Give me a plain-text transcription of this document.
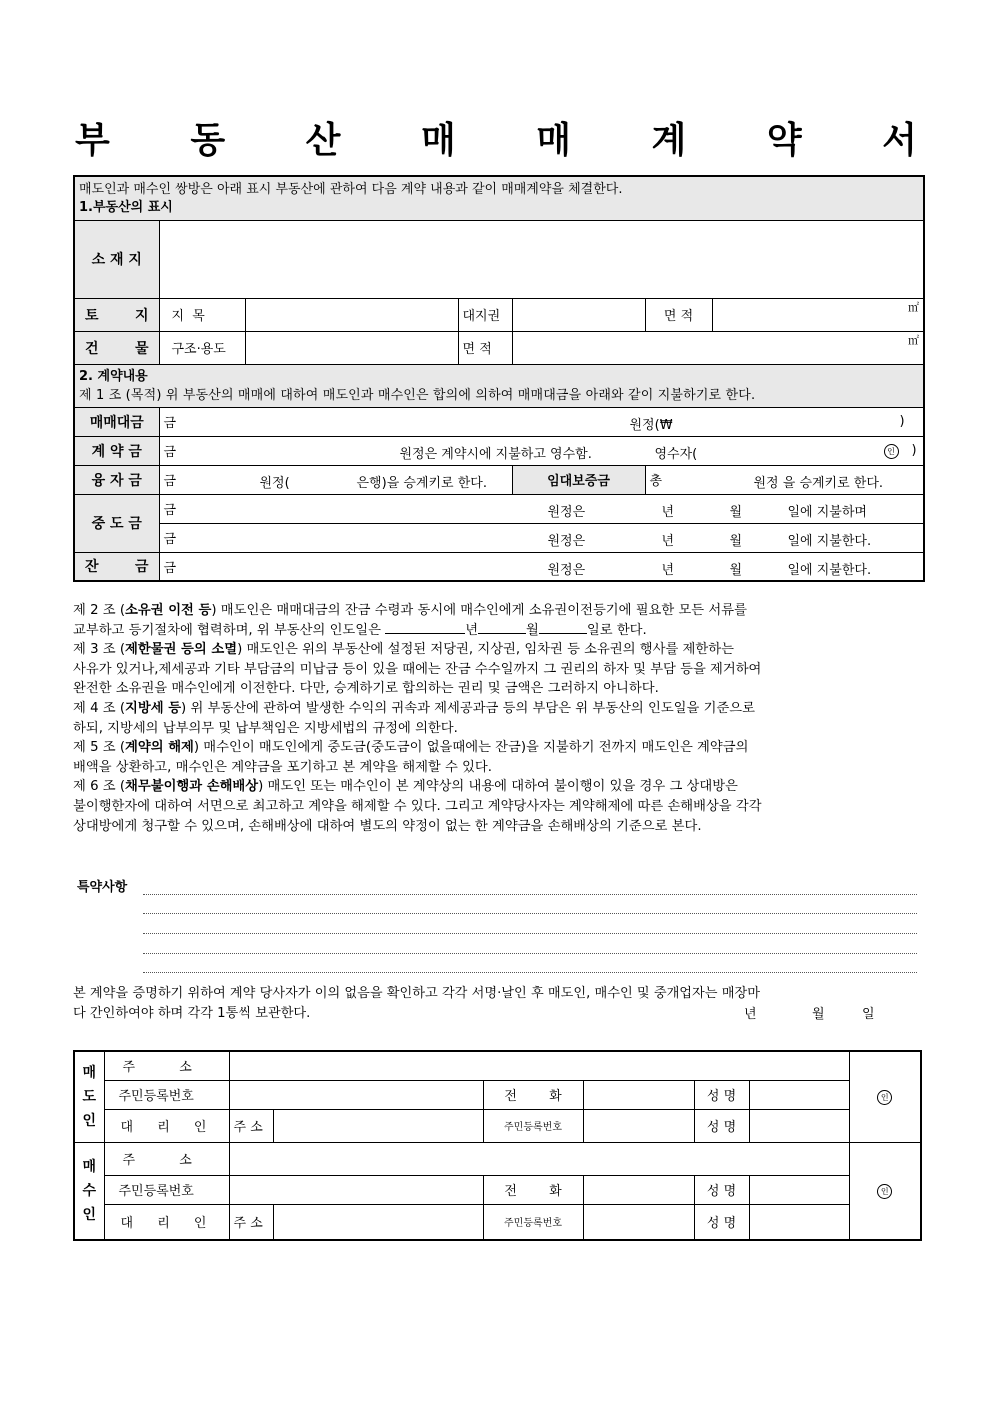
부 동 산 매 매 계 약 서
매도인과 매수인 쌍방은 아래 표시 부동산에 관하여 다음 계약 내용과 같이 매매계약을 체결한다.
1.부동산의 표시						

소 재 지						
토 지	지 목		대지권		면 적	㎡
건 물	구조·용도		면 적	㎡		

2. 계약내용
제 1 조 (목적) 위 부동산의 매매에 대하여 매도인과 매수인은 합의에 의하여 매매대금을 아래와 같이 지불하기로 한다.						

매매대금	금 원정(₩ )					

계 약 금	금 원정은 계약시에 지불하고 영수함. 영수자( 인 )					

융 자 금	금 원정( 은행)을 승계키로 한다.			임대보증금	총 원정 을 승계키로 한다.	

중 도 금	금 원정은 년 월 일에 지불하며					

	금 원정은 년 월 일에 지불한다.					

잔 금	금 원정은 년 월 일에 지불한다.					

제 2 조 (소유권 이전 등) 매도인은 매매대금의 잔금 수령과 동시에 매수인에게 소유권이전등기에 필요한 모든 서류를

교부하고 등기절차에 협력하며, 위 부동산의 인도일은	년	월	일로 한다.

제 3 조 (제한물권 등의 소멸) 매도인은 위의 부동산에 설정된 저당권, 지상권, 임차권 등 소유권의 행사를 제한하는

사유가 있거나,제세공과 기타 부담금의 미납금 등이 있을 때에는 잔금 수수일까지 그 권리의 하자 및 부담 등을 제거하여

완전한 소유권을 매수인에게 이전한다. 다만, 승계하기로 합의하는 권리 및 금액은 그러하지 아니하다.

제 4 조 (지방세 등) 위 부동산에 관하여 발생한 수익의 귀속과 제세공과금 등의 부담은 위 부동산의 인도일을 기준으로

하되, 지방세의 납부의무 및 납부책임은 지방세법의 규정에 의한다.

제 5 조 (계약의 해제) 매수인이 매도인에게 중도금(중도금이 없을때에는 잔금)을 지불하기 전까지 매도인은 계약금의

배액을 상환하고, 매수인은 계약금을 포기하고 본 계약을 해제할 수 있다.

제 6 조 (채무불이행과 손해배상) 매도인 또는 매수인이 본 계약상의 내용에 대하여 불이행이 있을 경우 그 상대방은

불이행한자에 대하여 서면으로 최고하고 계약을 해제할 수 있다. 그리고 계약당사자는 계약해제에 따른 손해배상을 각각

상대방에게 청구할 수 있으며, 손해배상에 대하여 별도의 약정이 없는 한 계약금을 손해배상의 기준으로 본다.

특약사항

본 계약을 증명하기 위하여 계약 당사자가 이의 없음을 확인하고 각각 서명·날인 후 매도인, 매수인 및 중개업자는 매장마

다 간인하여야 하며 각각 1통씩 보관한다.	년	월	일
매
도
인	주 소							인
	주민등록번호			전 화		성 명		
	대 리 인	주 소		주민등록번호		성 명		
매
수
인	주 소							인
	주민등록번호			전 화		성 명		
	대 리 인	주 소		주민등록번호		성 명		
